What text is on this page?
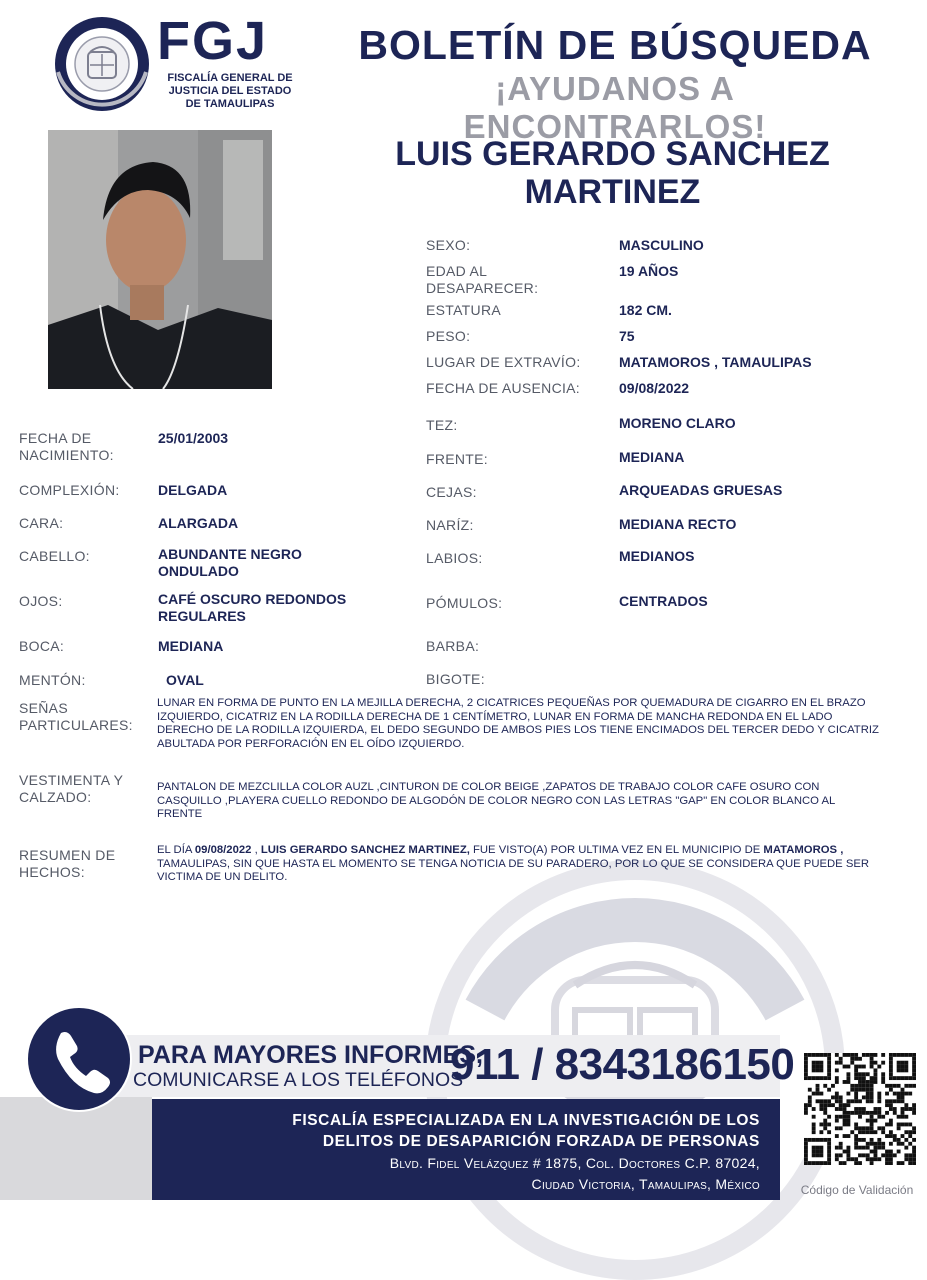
FGJ
FISCALÍA GENERAL DE
JUSTICIA DEL ESTADO
DE TAMAULIPAS
BOLETÍN DE BÚSQUEDA
¡AYUDANOS A ENCONTRARLOS!
LUIS GERARDO SANCHEZ
MARTINEZ
SEXO:	MASCULINO
EDAD AL
DESAPARECER:
19 AÑOS
ESTATURA	182 CM.
PESO:	75
LUGAR DE EXTRAVÍO:	MATAMOROS , TAMAULIPAS
FECHA DE AUSENCIA:	09/08/2022
TEZ:	MORENO CLARO
FRENTE:	MEDIANA
CEJAS:	ARQUEADAS GRUESAS
NARÍZ:	MEDIANA RECTO
LABIOS:	MEDIANOS
PÓMULOS:	CENTRADOS
BARBA:
BIGOTE:
FECHA DE
NACIMIENTO:
25/01/2003
COMPLEXIÓN:	DELGADA
CARA:	ALARGADA
CABELLO:	ABUNDANTE NEGRO
ONDULADO
OJOS:	CAFÉ OSCURO REDONDOS
REGULARES
BOCA:	MEDIANA
MENTÓN:	OVAL
SEÑAS
PARTICULARES:
LUNAR EN FORMA DE PUNTO EN LA MEJILLA DERECHA, 2 CICATRICES PEQUEÑAS POR QUEMADURA DE CIGARRO EN EL BRAZO IZQUIERDO, CICATRIZ EN LA RODILLA DERECHA DE 1 CENTÍMETRO, LUNAR EN FORMA DE MANCHA REDONDA EN EL LADO DERECHO DE LA RODILLA IZQUIERDA, EL DEDO SEGUNDO DE AMBOS PIES LOS TIENE ENCIMADOS DEL TERCER DEDO Y CICATRIZ ABULTADA POR PERFORACIÓN EN EL OÍDO IZQUIERDO.
VESTIMENTA Y
CALZADO:
PANTALON DE MEZCLILLA COLOR AUZL ,CINTURON DE COLOR BEIGE ,ZAPATOS DE TRABAJO COLOR CAFE OSURO CON CASQUILLO ,PLAYERA CUELLO REDONDO DE ALGODÓN DE COLOR NEGRO CON LAS LETRAS "GAP" EN COLOR BLANCO AL FRENTE
RESUMEN DE
HECHOS:
EL DÍA 09/08/2022 , LUIS GERARDO SANCHEZ MARTINEZ, FUE VISTO(A) POR ULTIMA VEZ EN EL MUNICIPIO DE MATAMOROS , TAMAULIPAS, SIN QUE HASTA EL MOMENTO SE TENGA NOTICIA DE SU PARADERO, POR LO QUE SE CONSIDERA QUE PUEDE SER VICTIMA DE UN DELITO.
PARA MAYORES INFORMES,
COMUNICARSE A LOS TELÉFONOS
911 / 8343186150
FISCALÍA ESPECIALIZADA EN LA INVESTIGACIÓN DE LOS
DELITOS DE DESAPARICIÓN FORZADA DE PERSONAS
Blvd. Fidel Velázquez # 1875, Col. Doctores C.P. 87024,
Ciudad Victoria, Tamaulipas, México	Código de Validación
